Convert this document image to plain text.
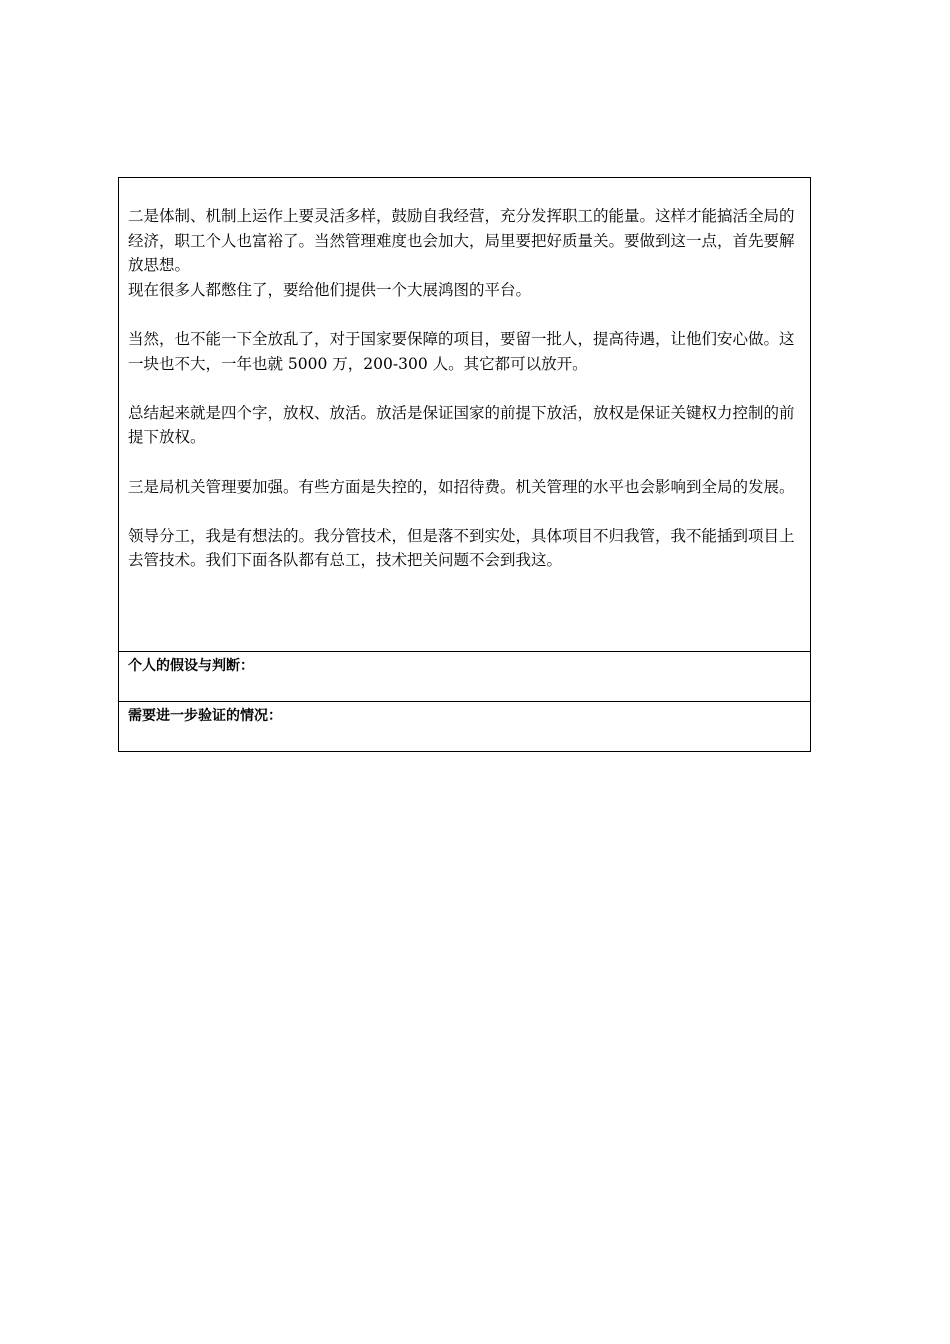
二是体制、机制上运作上要灵活多样，鼓励自我经营，充分发挥职工的能量。这样才能搞活全局的经济，职工个人也富裕了。当然管理难度也会加大，局里要把好质量关。要做到这一点，首先要解放思想。

现在很多人都憋住了，要给他们提供一个大展鸿图的平台。

当然，也不能一下全放乱了，对于国家要保障的项目，要留一批人，提高待遇，让他们安心做。这一块也不大，一年也就 5000 万，200-300 人。其它都可以放开。

总结起来就是四个字，放权、放活。放活是保证国家的前提下放活，放权是保证关键权力控制的前提下放权。

三是局机关管理要加强。有些方面是失控的，如招待费。机关管理的水平也会影响到全局的发展。

领导分工，我是有想法的。我分管技术，但是落不到实处，具体项目不归我管，我不能插到项目上去管技术。我们下面各队都有总工，技术把关问题不会到我这。

个人的假设与判断：

需要进一步验证的情况：
